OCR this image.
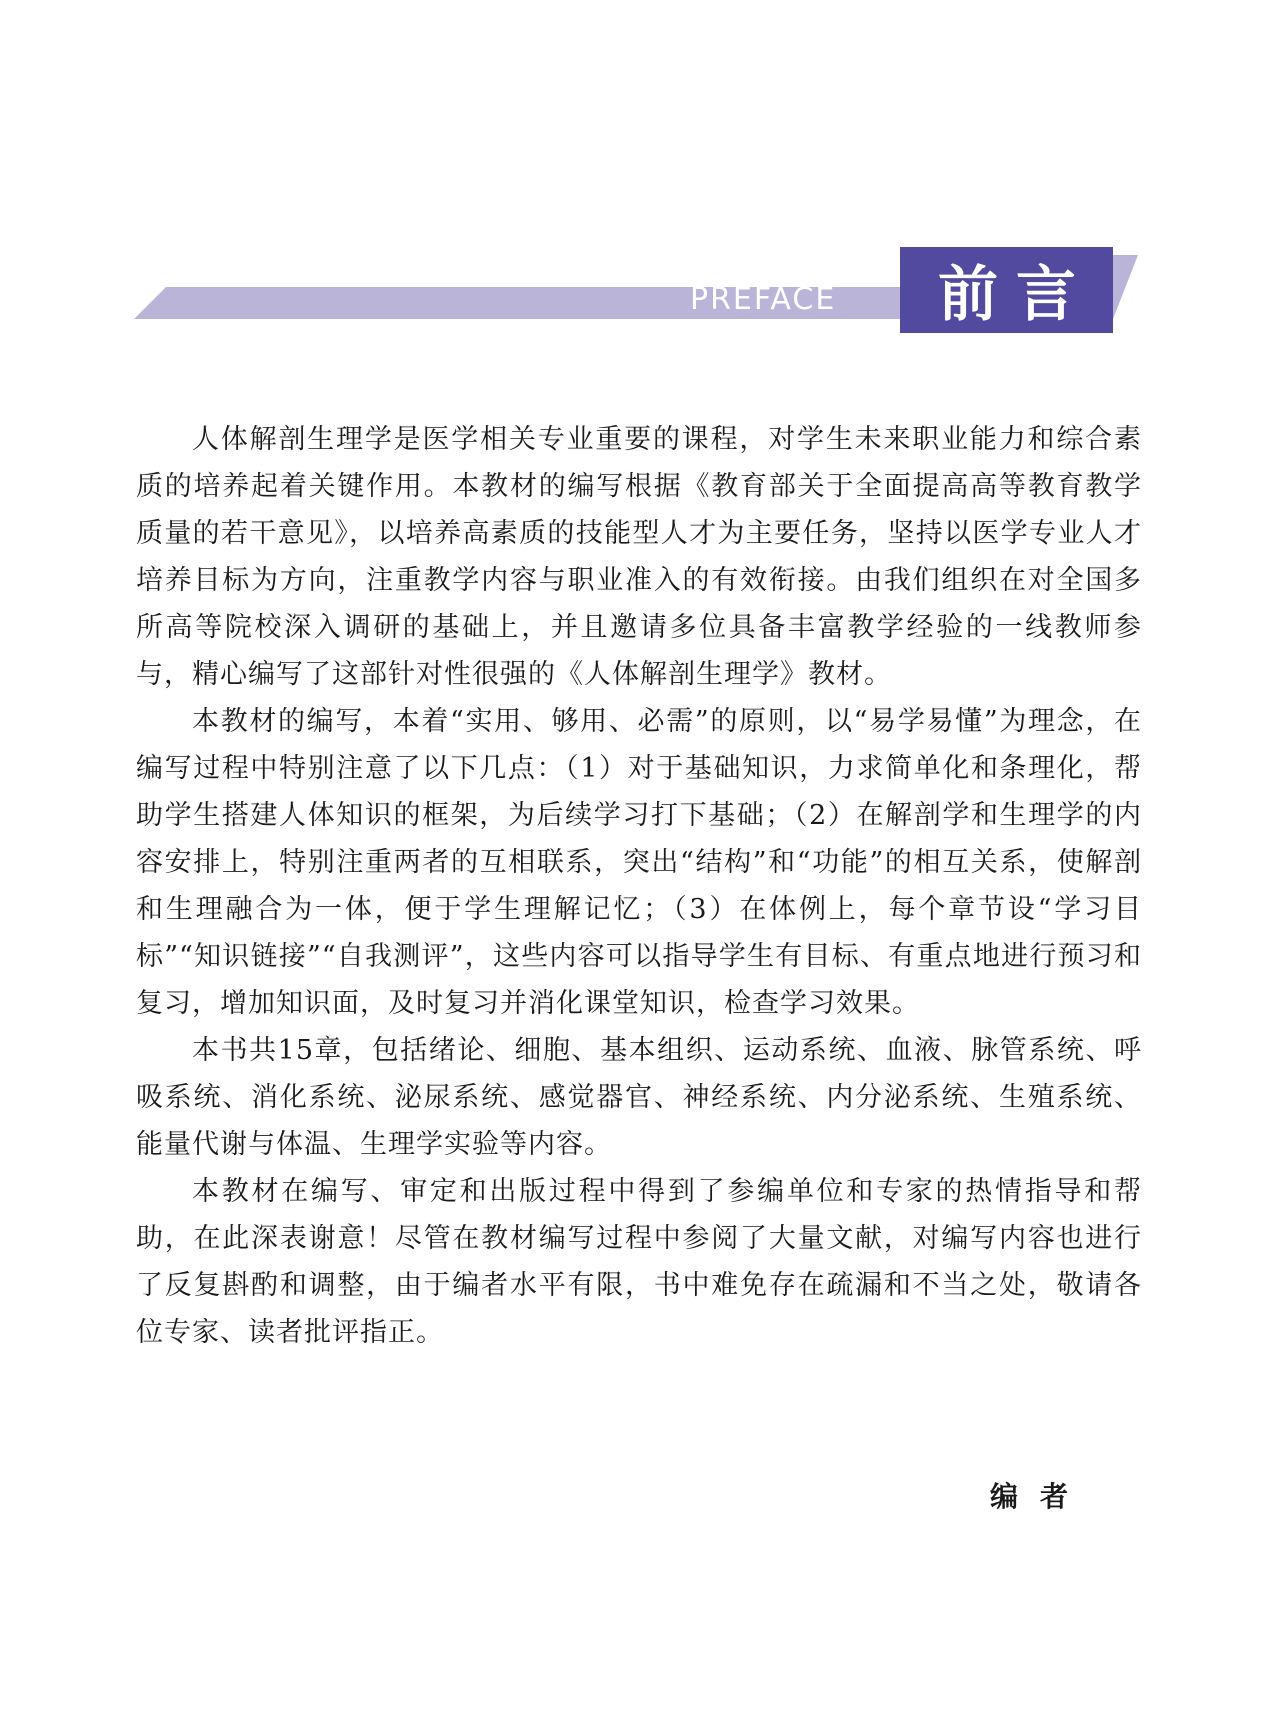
PREFACE	前言

人体解剖生理学是医学相关专业重要的课程，对学生未来职业能力和综合素质的培养起着关键作用。本教材的编写根据《教育部关于全面提高高等教育教学质量的若干意见》，以培养高素质的技能型人才为主要任务，坚持以医学专业人才培养目标为方向，注重教学内容与职业准入的有效衔接。由我们组织在对全国多所高等院校深入调研的基础上，并且邀请多位具备丰富教学经验的一线教师参与，精心编写了这部针对性很强的《人体解剖生理学》教材。

本教材的编写，本着“实用、够用、必需”的原则，以“易学易懂”为理念，在编写过程中特别注意了以下几点：（1）对于基础知识，力求简单化和条理化，帮助学生搭建人体知识的框架，为后续学习打下基础；（2）在解剖学和生理学的内容安排上，特别注重两者的互相联系，突出“结构”和“功能”的相互关系，使解剖和生理融合为一体，便于学生理解记忆；（3）在体例上，每个章节设“学习目标”“知识链接”“自我测评”，这些内容可以指导学生有目标、有重点地进行预习和复习，增加知识面，及时复习并消化课堂知识，检查学习效果。

本书共15章，包括绪论、细胞、基本组织、运动系统、血液、脉管系统、呼吸系统、消化系统、泌尿系统、感觉器官、神经系统、内分泌系统、生殖系统、能量代谢与体温、生理学实验等内容。

本教材在编写、审定和出版过程中得到了参编单位和专家的热情指导和帮助，在此深表谢意！尽管在教材编写过程中参阅了大量文献，对编写内容也进行了反复斟酌和调整，由于编者水平有限，书中难免存在疏漏和不当之处，敬请各位专家、读者批评指正。

编者
